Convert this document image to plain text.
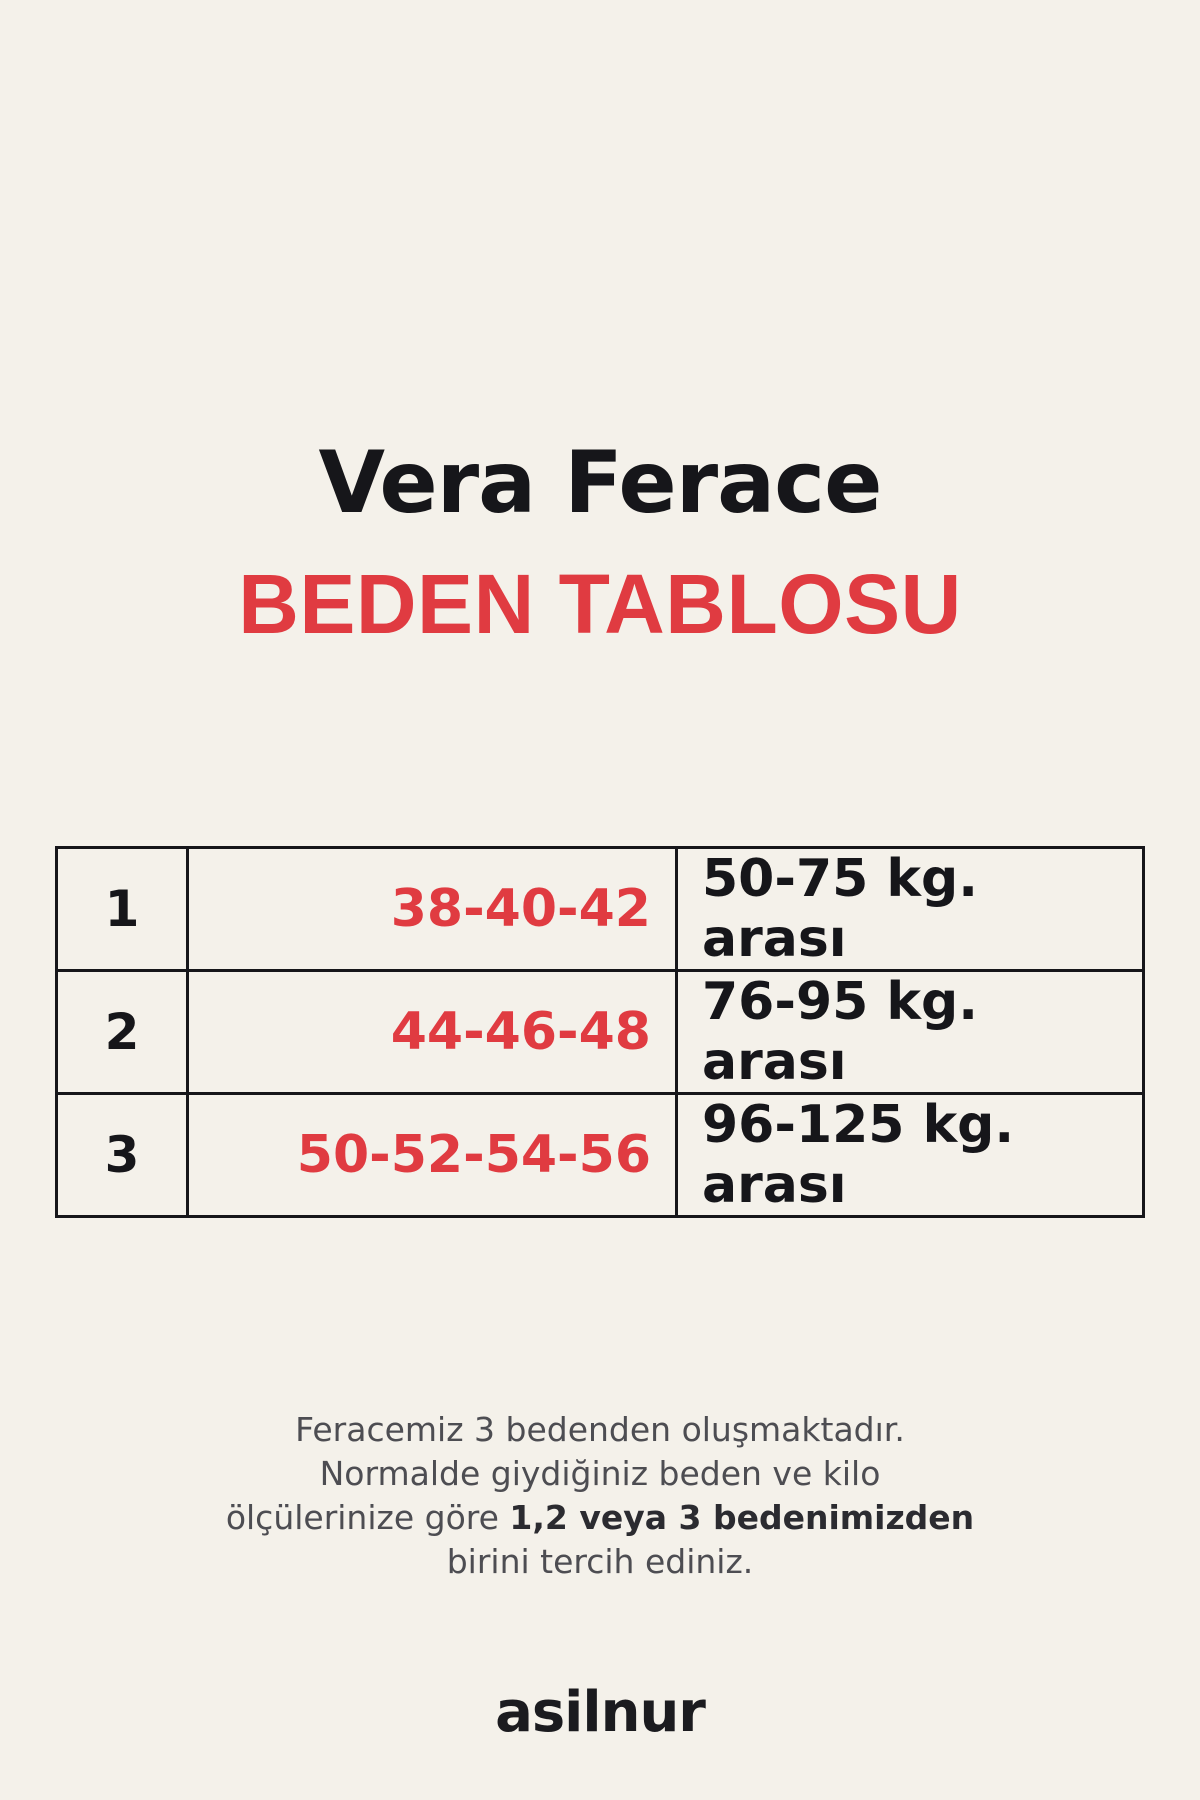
Vera Ferace
BEDEN TABLOSU
1	38-40-42	50-75 kg. arası
2	44-46-48	76-95 kg. arası
3	50-52-54-56	96-125 kg. arası
Feracemiz 3 bedenden oluşmaktadır.
Normalde giydiğiniz beden ve kilo
ölçülerinize göre 1,2 veya 3 bedenimizden
birini tercih ediniz.
asilnur
